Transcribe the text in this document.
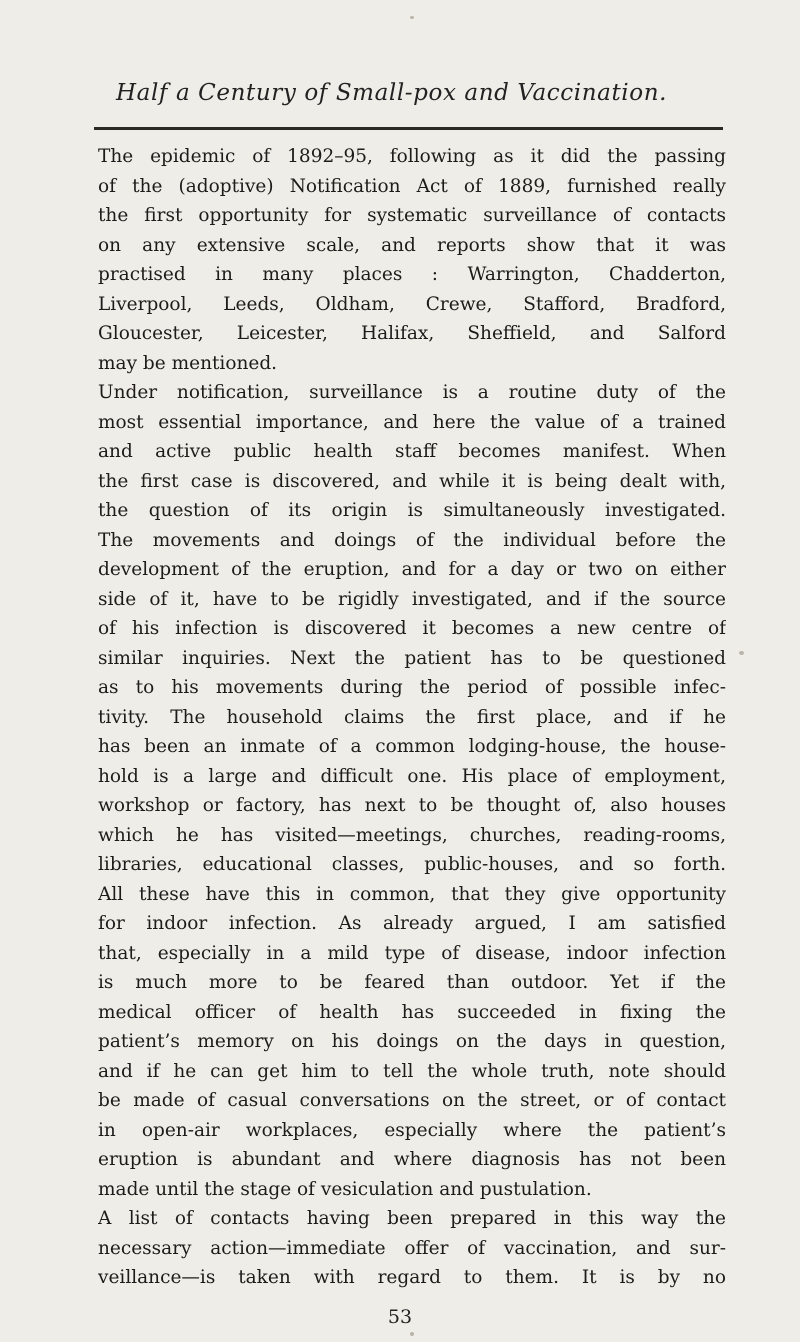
Half a Century of Small-pox and Vaccination.
The epidemic of 1892–95, following as it did the passing
of the (adoptive) Notification Act of 1889, furnished really
the first opportunity for systematic surveillance of contacts
on any extensive scale, and reports show that it was
practised in many places : Warrington, Chadderton,
Liverpool, Leeds, Oldham, Crewe, Stafford, Bradford,
Gloucester, Leicester, Halifax, Sheffield, and Salford
may be mentioned.
Under notification, surveillance is a routine duty of the
most essential importance, and here the value of a trained
and active public health staff becomes manifest. When
the first case is discovered, and while it is being dealt with,
the question of its origin is simultaneously investigated.
The movements and doings of the individual before the
development of the eruption, and for a day or two on either
side of it, have to be rigidly investigated, and if the source
of his infection is discovered it becomes a new centre of
similar inquiries. Next the patient has to be questioned
as to his movements during the period of possible infec-
tivity. The household claims the first place, and if he
has been an inmate of a common lodging-house, the house-
hold is a large and difficult one. His place of employment,
workshop or factory, has next to be thought of, also houses
which he has visited—meetings, churches, reading-rooms,
libraries, educational classes, public-houses, and so forth.
All these have this in common, that they give opportunity
for indoor infection. As already argued, I am satisfied
that, especially in a mild type of disease, indoor infection
is much more to be feared than outdoor. Yet if the
medical officer of health has succeeded in fixing the
patient’s memory on his doings on the days in question,
and if he can get him to tell the whole truth, note should
be made of casual conversations on the street, or of contact
in open-air workplaces, especially where the patient’s
eruption is abundant and where diagnosis has not been
made until the stage of vesiculation and pustulation.
A list of contacts having been prepared in this way the
necessary action—immediate offer of vaccination, and sur-
veillance—is taken with regard to them. It is by no
53
